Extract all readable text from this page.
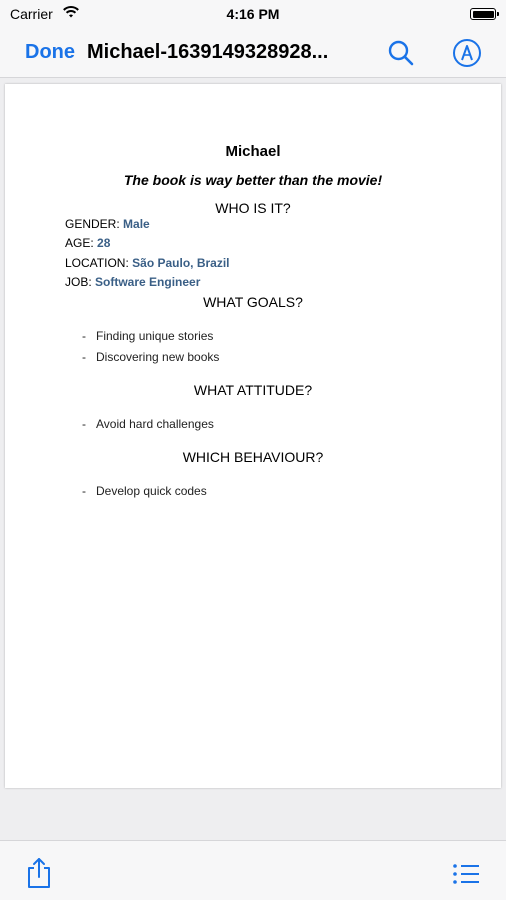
Carrier	4:16 PM
Done Michael-1639149328928...
Michael
The book is way better than the movie!
WHO IS IT?
GENDER: Male
AGE: 28
LOCATION: São Paulo, Brazil
JOB: Software Engineer
WHAT GOALS?
- Finding unique stories
- Discovering new books
WHAT ATTITUDE?
- Avoid hard challenges
WHICH BEHAVIOUR?
- Develop quick codes
